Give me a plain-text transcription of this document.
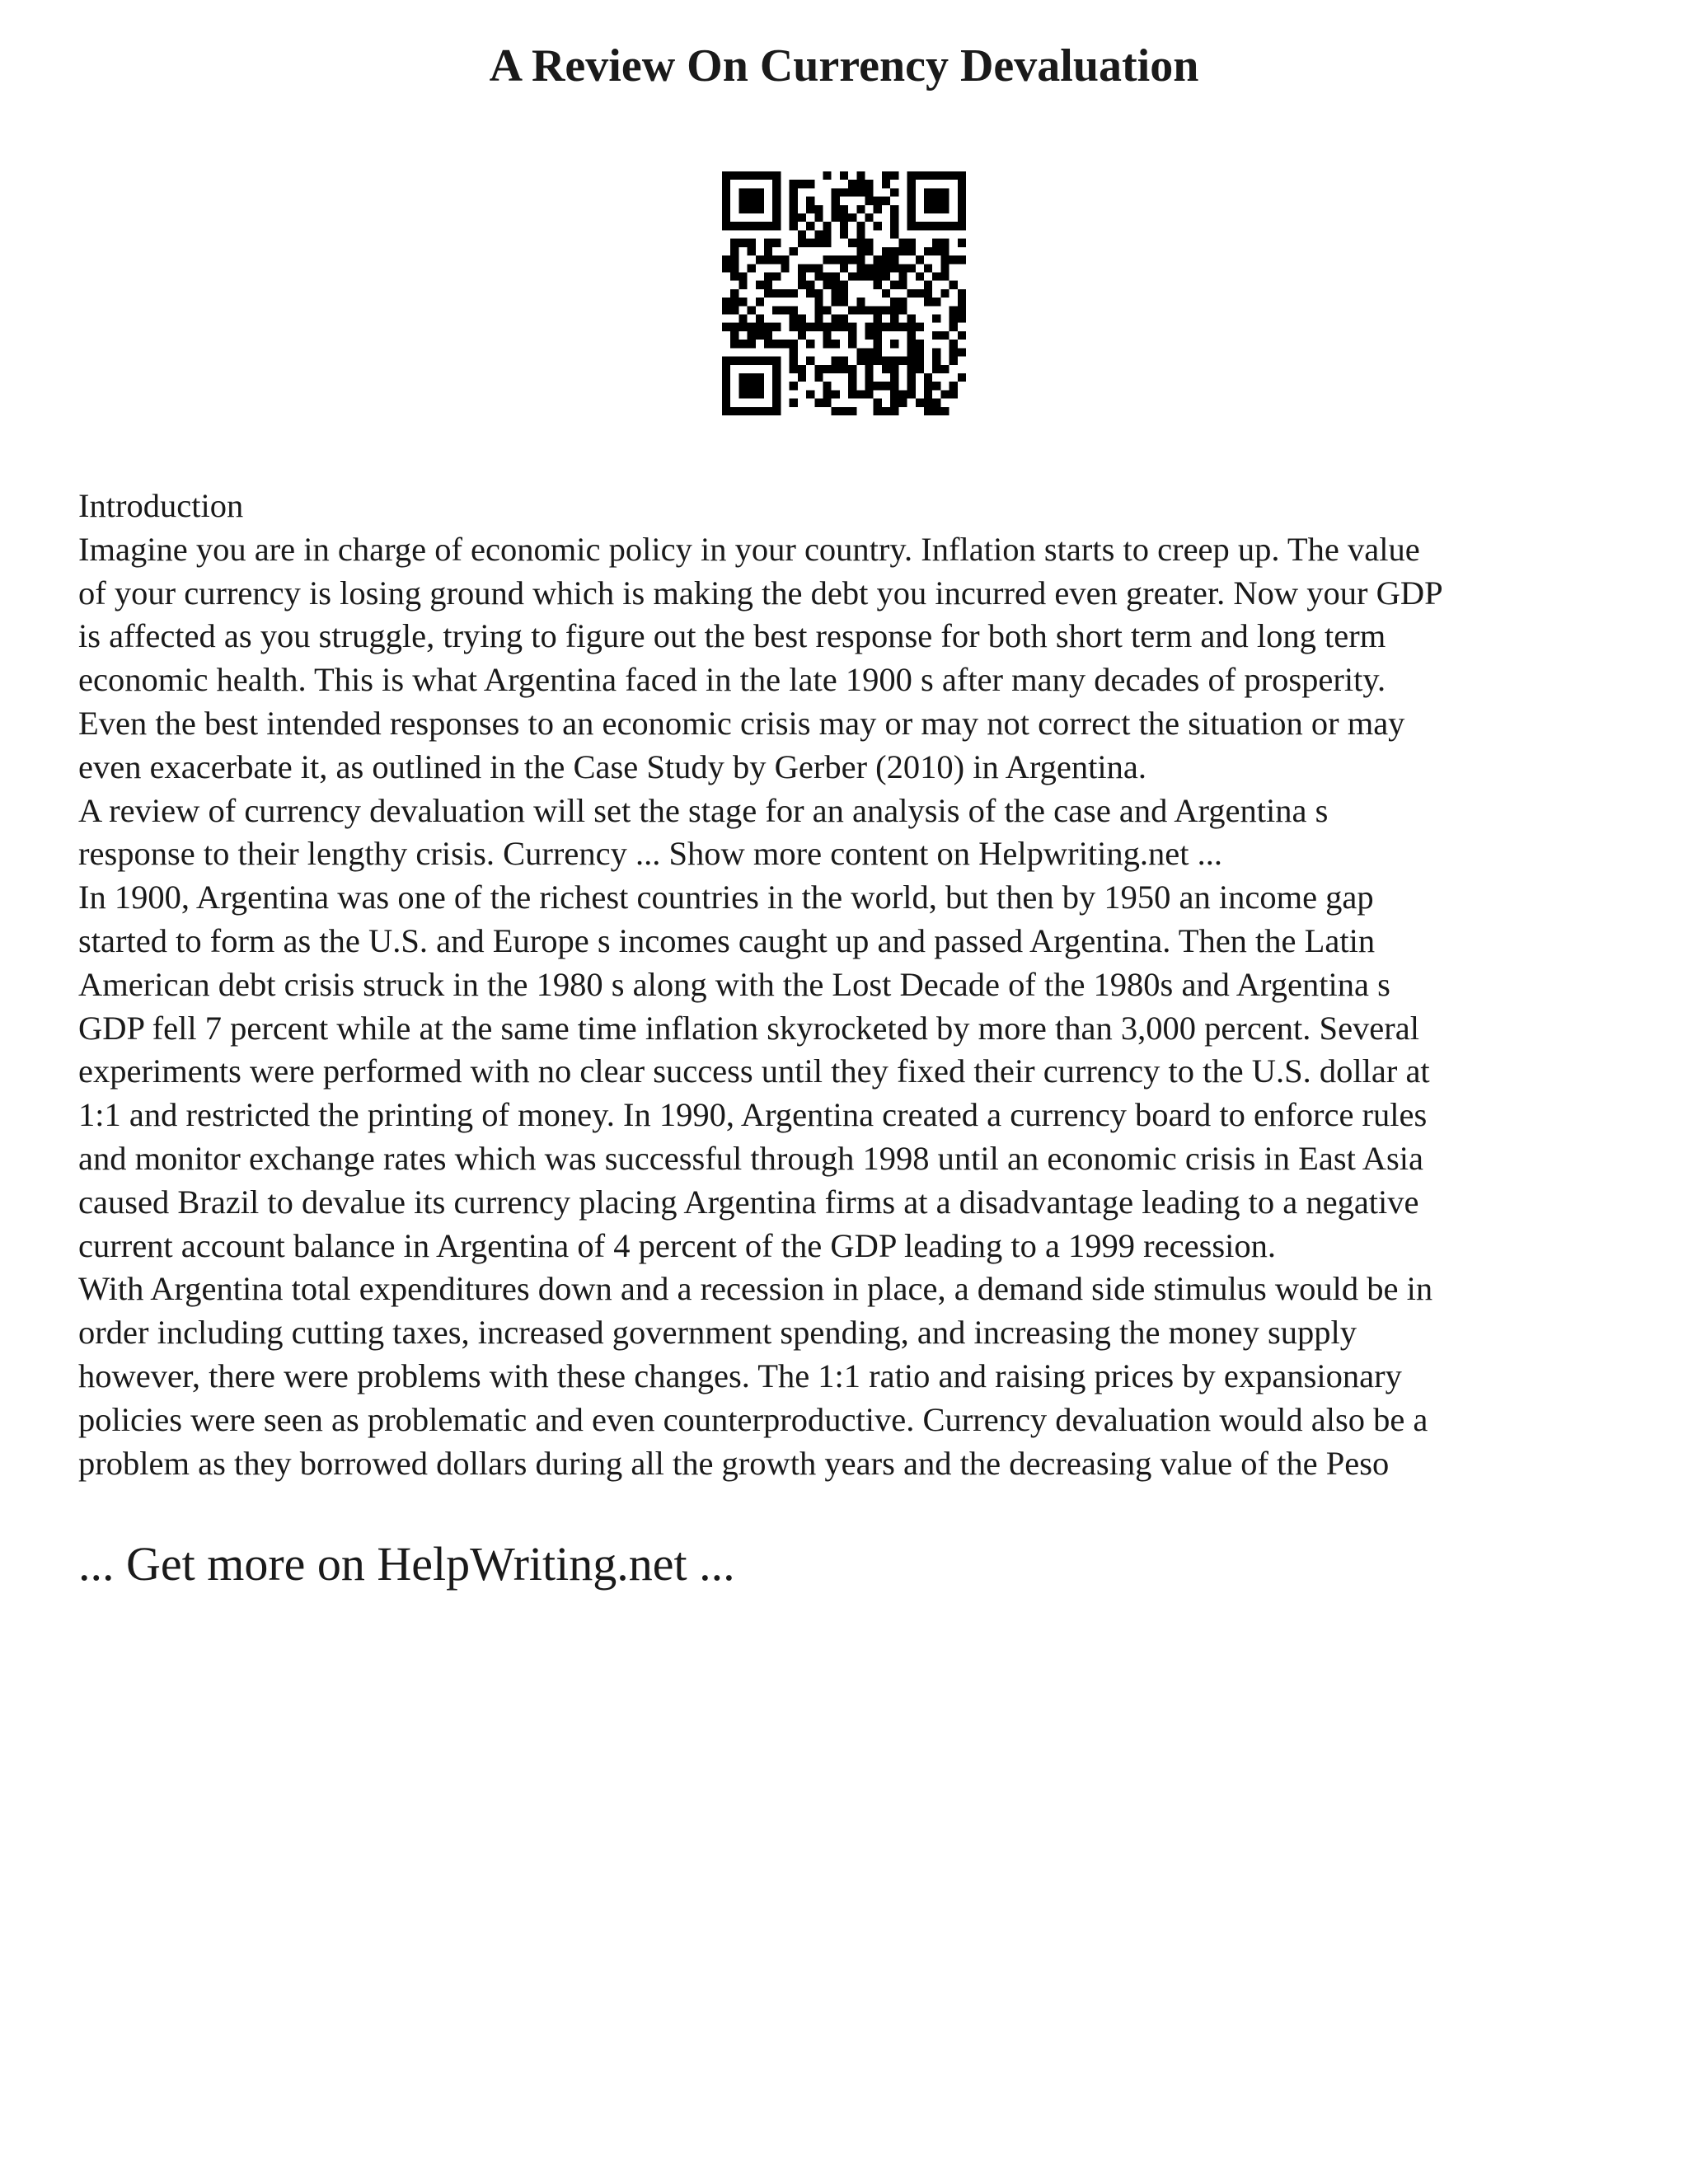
A Review On Currency Devaluation
Introduction
Imagine you are in charge of economic policy in your country. Inflation starts to creep up. The value
of your currency is losing ground which is making the debt you incurred even greater. Now your GDP
is affected as you struggle, trying to figure out the best response for both short term and long term
economic health. This is what Argentina faced in the late 1900 s after many decades of prosperity.
Even the best intended responses to an economic crisis may or may not correct the situation or may
even exacerbate it, as outlined in the Case Study by Gerber (2010) in Argentina.
A review of currency devaluation will set the stage for an analysis of the case and Argentina s
response to their lengthy crisis. Currency ... Show more content on Helpwriting.net ...
In 1900, Argentina was one of the richest countries in the world, but then by 1950 an income gap
started to form as the U.S. and Europe s incomes caught up and passed Argentina. Then the Latin
American debt crisis struck in the 1980 s along with the Lost Decade of the 1980s and Argentina s
GDP fell 7 percent while at the same time inflation skyrocketed by more than 3,000 percent. Several
experiments were performed with no clear success until they fixed their currency to the U.S. dollar at
1:1 and restricted the printing of money. In 1990, Argentina created a currency board to enforce rules
and monitor exchange rates which was successful through 1998 until an economic crisis in East Asia
caused Brazil to devalue its currency placing Argentina firms at a disadvantage leading to a negative
current account balance in Argentina of 4 percent of the GDP leading to a 1999 recession.
With Argentina total expenditures down and a recession in place, a demand side stimulus would be in
order including cutting taxes, increased government spending, and increasing the money supply
however, there were problems with these changes. The 1:1 ratio and raising prices by expansionary
policies were seen as problematic and even counterproductive. Currency devaluation would also be a
problem as they borrowed dollars during all the growth years and the decreasing value of the Peso
... Get more on HelpWriting.net ...
